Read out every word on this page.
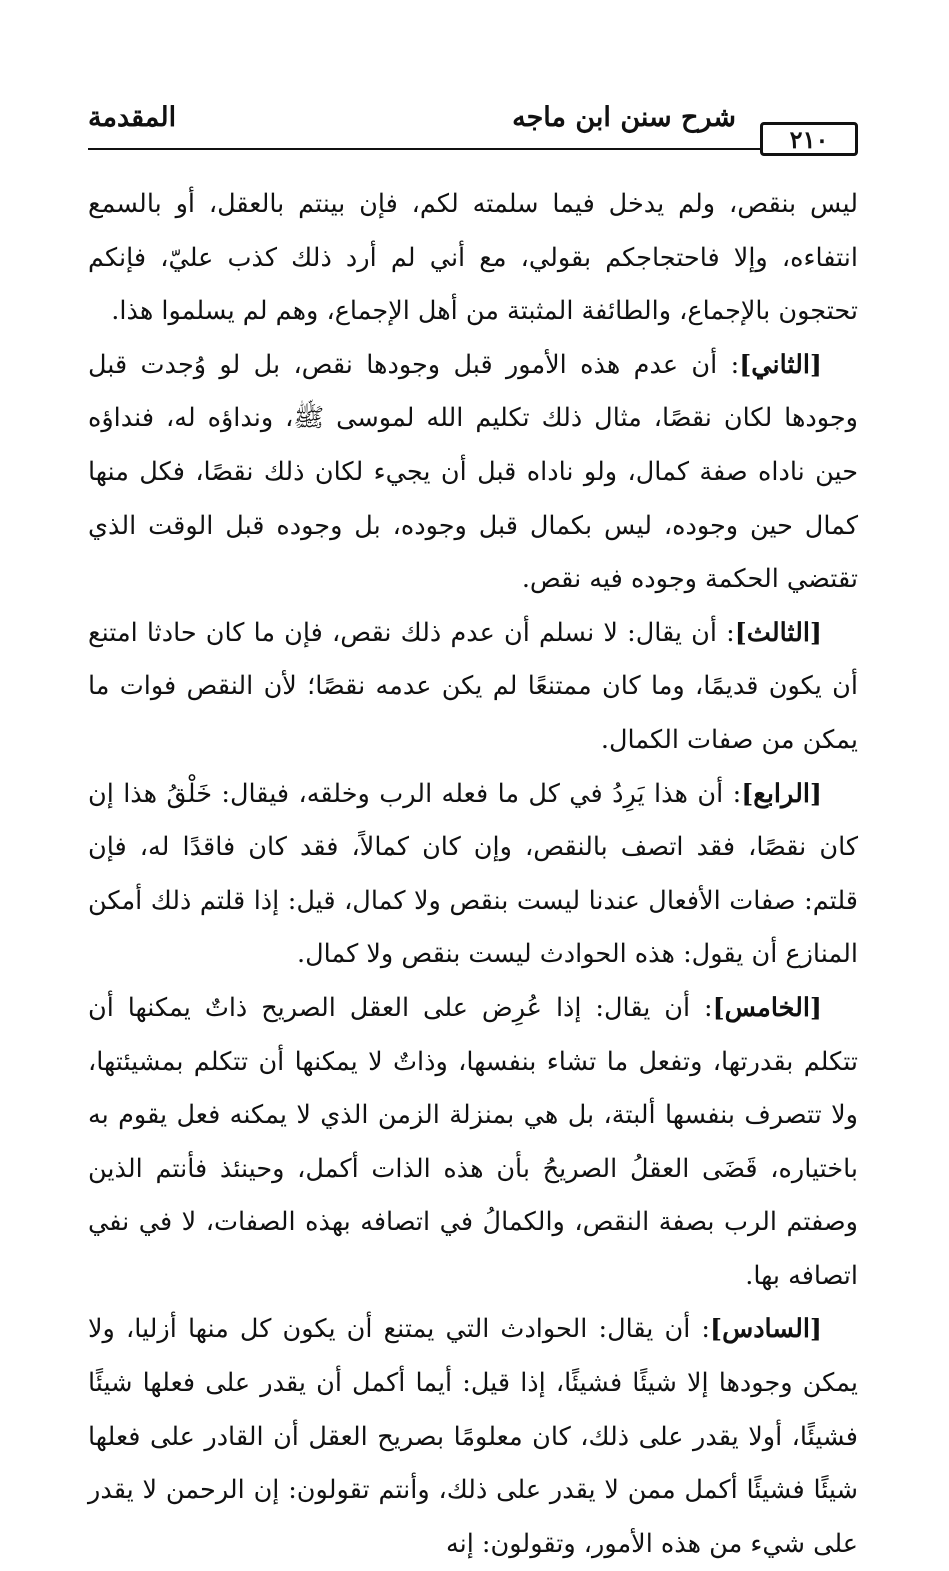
٢١٠
شرح سنن ابن ماجه
المقدمة

ليس بنقص، ولم يدخل فيما سلمته لكم، فإن بينتم بالعقل، أو بالسمع انتفاءه، وإلا فاحتجاجكم بقولي، مع أني لم أرد ذلك كذب عليّ، فإنكم تحتجون بالإجماع، والطائفة المثبتة من أهل الإجماع، وهم لم يسلموا هذا.

[الثاني]: أن عدم هذه الأمور قبل وجودها نقص، بل لو وُجدت قبل وجودها لكان نقصًا، مثال ذلك تكليم الله لموسى ﷺ، ونداؤه له، فنداؤه حين ناداه صفة كمال، ولو ناداه قبل أن يجيء لكان ذلك نقصًا، فكل منها كمال حين وجوده، ليس بكمال قبل وجوده، بل وجوده قبل الوقت الذي تقتضي الحكمة وجوده فيه نقص.

[الثالث]: أن يقال: لا نسلم أن عدم ذلك نقص، فإن ما كان حادثا امتنع أن يكون قديمًا، وما كان ممتنعًا لم يكن عدمه نقصًا؛ لأن النقص فوات ما يمكن من صفات الكمال.

[الرابع]: أن هذا يَرِدُ في كل ما فعله الرب وخلقه، فيقال: خَلْقُ هذا إن كان نقصًا، فقد اتصف بالنقص، وإن كان كمالاً، فقد كان فاقدًا له، فإن قلتم: صفات الأفعال عندنا ليست بنقص ولا كمال، قيل: إذا قلتم ذلك أمكن المنازع أن يقول: هذه الحوادث ليست بنقص ولا كمال.

[الخامس]: أن يقال: إذا عُرِض على العقل الصريح ذاتٌ يمكنها أن تتكلم بقدرتها، وتفعل ما تشاء بنفسها، وذاتٌ لا يمكنها أن تتكلم بمشيئتها، ولا تتصرف بنفسها ألبتة، بل هي بمنزلة الزمن الذي لا يمكنه فعل يقوم به باختياره، قَضَى العقلُ الصريحُ بأن هذه الذات أكمل، وحينئذ فأنتم الذين وصفتم الرب بصفة النقص، والكمالُ في اتصافه بهذه الصفات، لا في نفي اتصافه بها.

[السادس]: أن يقال: الحوادث التي يمتنع أن يكون كل منها أزليا، ولا يمكن وجودها إلا شيئًا فشيئًا، إذا قيل: أيما أكمل أن يقدر على فعلها شيئًا فشيئًا، أولا يقدر على ذلك، كان معلومًا بصريح العقل أن القادر على فعلها شيئًا فشيئًا أكمل ممن لا يقدر على ذلك، وأنتم تقولون: إن الرحمن لا يقدر على شيء من هذه الأمور، وتقولون: إنه
